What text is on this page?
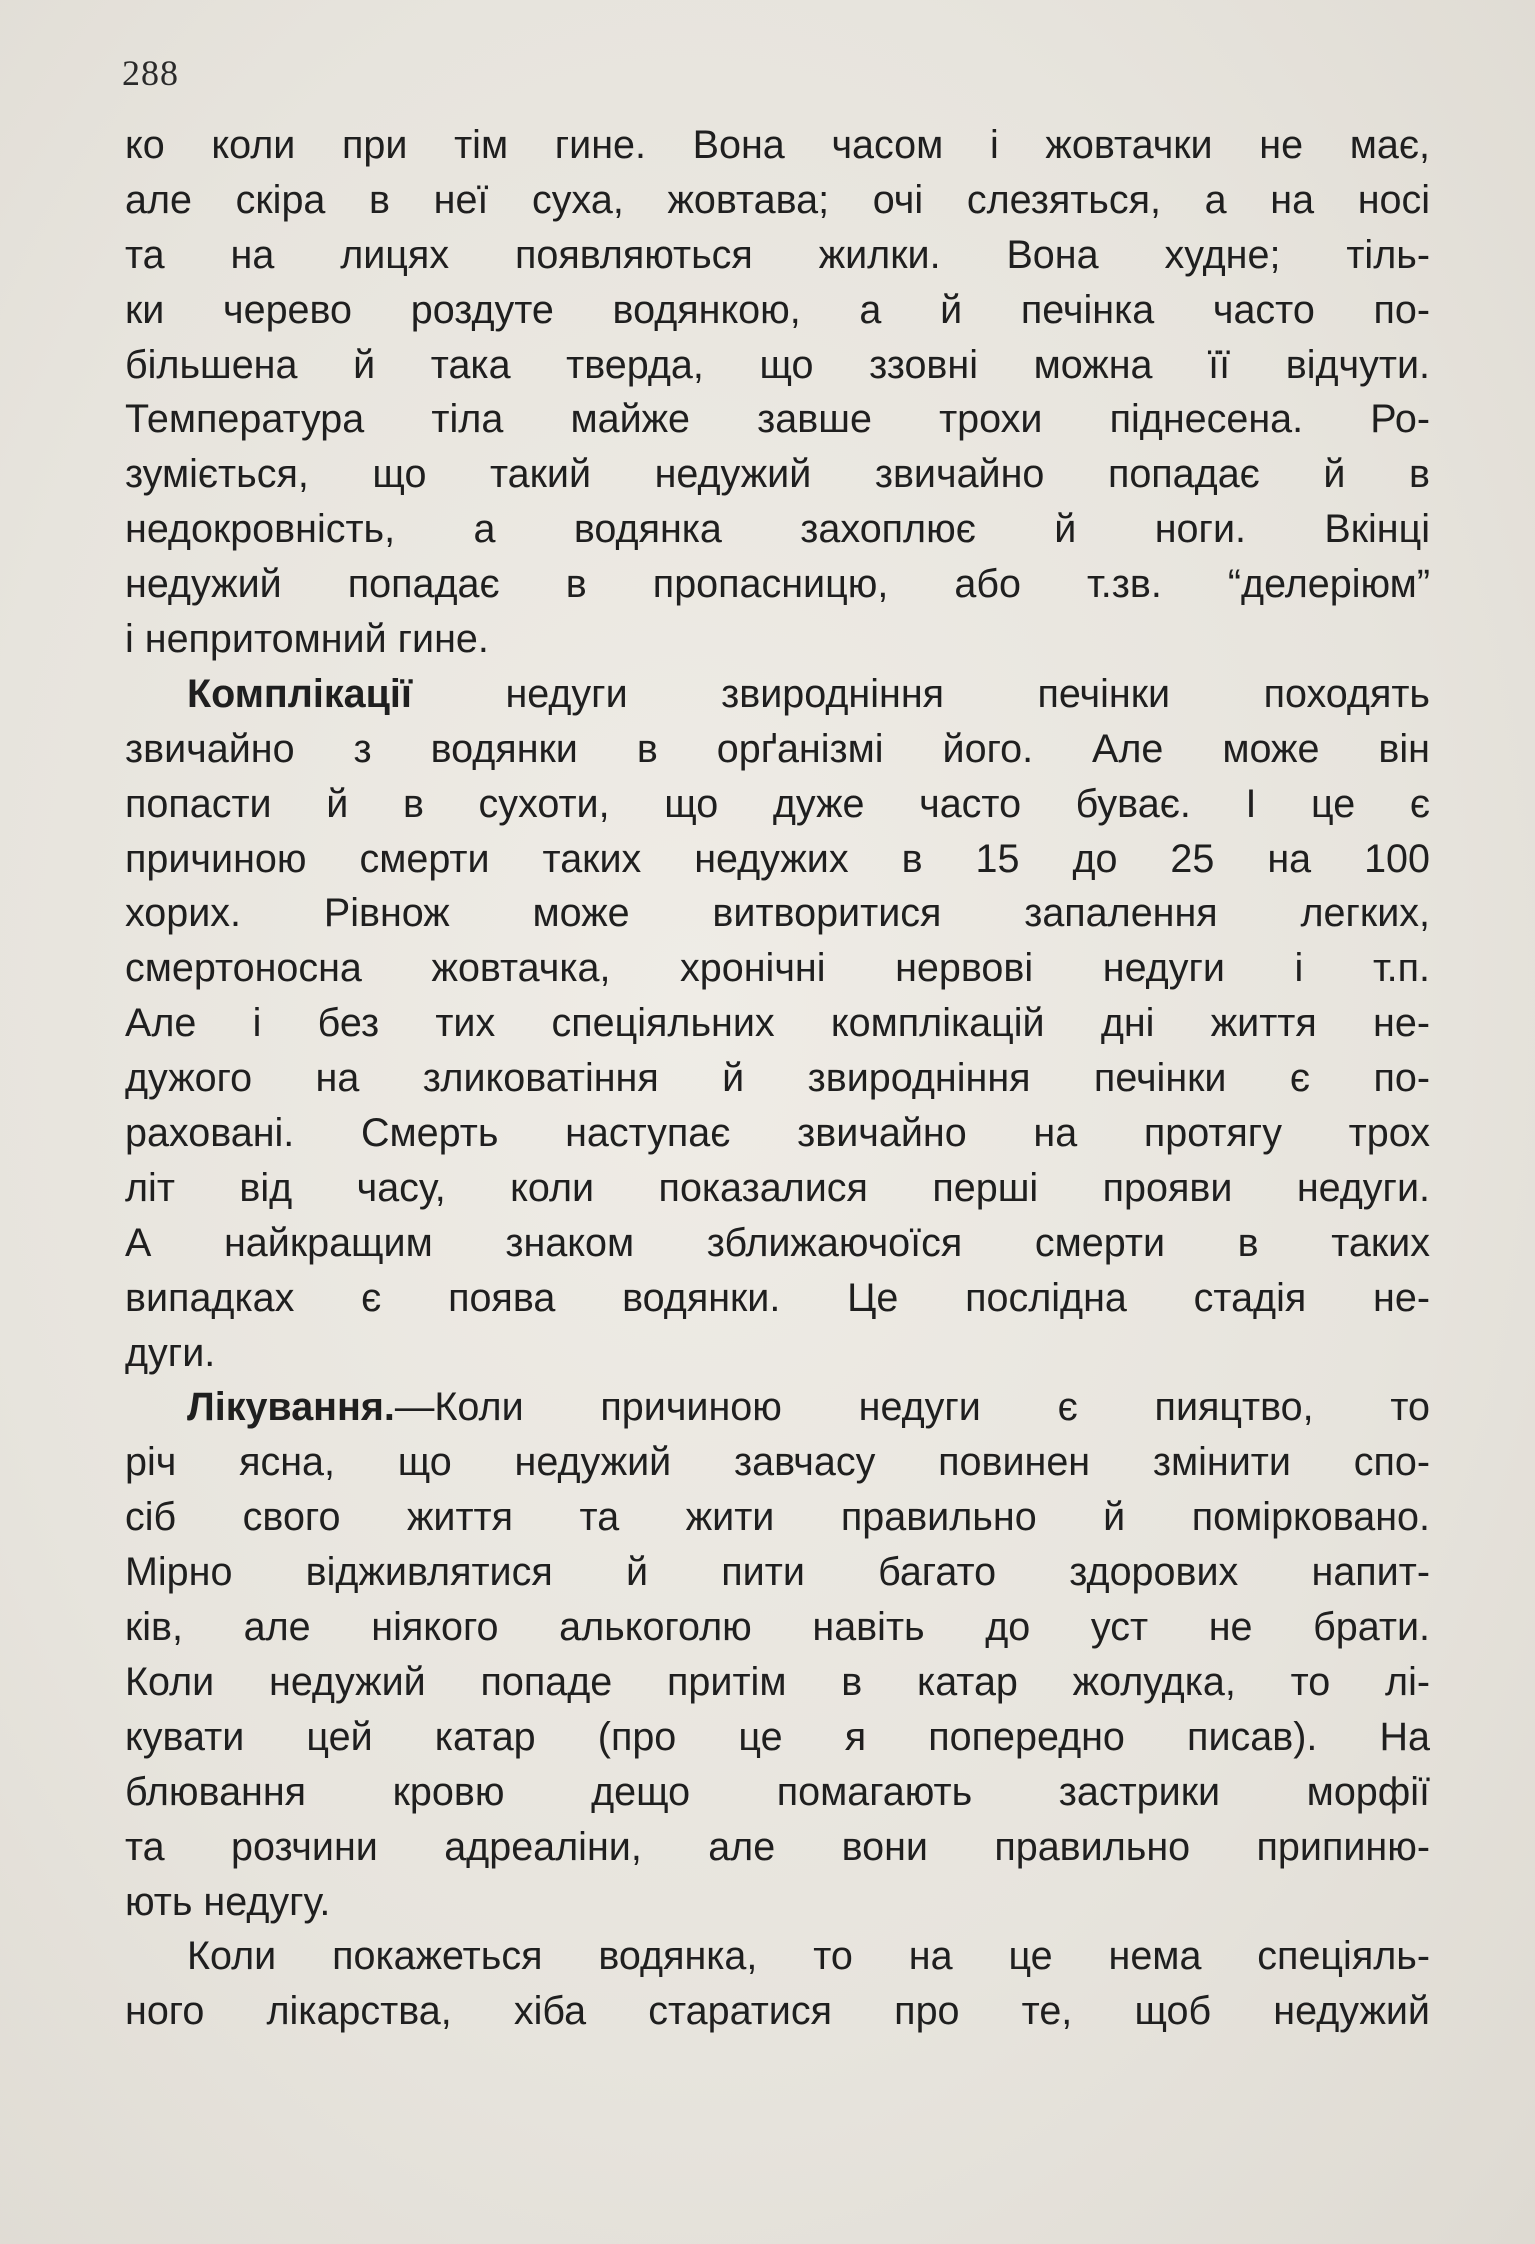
288
ко коли при тім гине. Вона часом і жовтачки не має,
але скіра в неї суха, жовтава; очі слезяться, а на носі
та на лицях появляються жилки. Вона худне; тіль-
ки черево роздуте водянкою, а й печінка часто по-
більшена й така тверда, що ззовні можна її відчути.
Температура тіла майже завше трохи піднесена. Ро-
зуміється, що такий недужий звичайно попадає й в
недокровність, а водянка захоплює й ноги. Вкінці
недужий попадає в пропасницю, або т.зв. “делеріюм”
і непритомний гине.
Комплікації недуги звиродніння печінки походять
звичайно з водянки в орґанізмі його. Але може він
попасти й в сухоти, що дуже часто буває. І це є
причиною смерти таких недужих в 15 до 25 на 100
хорих. Рівнож може витворитися запалення легких,
смертоносна жовтачка, хронічні нервові недуги і т.п.
Але і без тих спеціяльних комплікацій дні життя не-
дужого на зликоватіння й звиродніння печінки є по-
раховані. Смерть наступає звичайно на протягу трох
літ від часу, коли показалися перші прояви недуги.
А найкращим знаком зближаючоїся смерти в таких
випадках є поява водянки. Це послідна стадія не-
дуги.
Лікування.—Коли причиною недуги є пияцтво, то
річ ясна, що недужий завчасу повинен змінити спо-
сіб свого життя та жити правильно й помірковано.
Мірно відживлятися й пити багато здорових напит-
ків, але ніякого алькоголю навіть до уст не брати.
Коли недужий попаде притім в катар жолудка, то лі-
кувати цей катар (про це я попередно писав). На
блювання кровю дещо помагають застрики морфії
та розчини адреаліни, але вони правильно припиню-
ють недугу.
Коли покажеться водянка, то на це нема спеціяль-
ного лікарства, хіба старатися про те, щоб недужий
